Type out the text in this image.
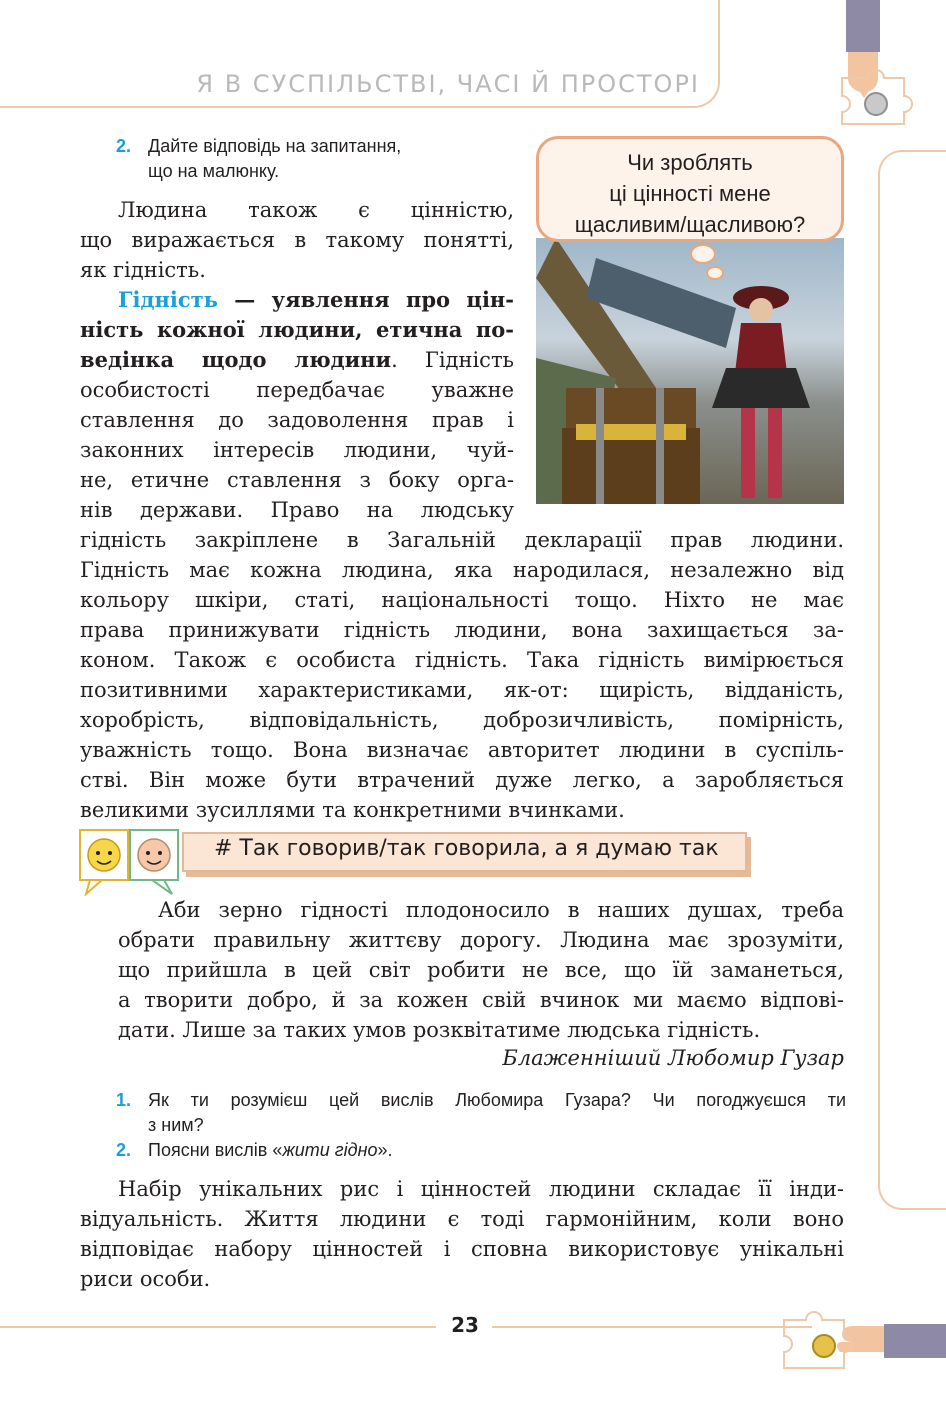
Я В СУСПІЛЬСТВІ, ЧАСІ Й ПРОСТОРІ
2. Дайте відповідь на запитання,
що на малюнку.	Чи зроблять
ці цінності мене
щасливим/щасливою?
Людина також є цінністю,
що виражається в такому понятті,
як гідність.
Гідність — уявлення про цін-
ність кожної людини, етична по-
ведінка щодо людини. Гідність
особистості передбачає уважне
ставлення до задоволення прав і
законних інтересів людини, чуй-
не, етичне ставлення з боку орга-
нів держави. Право на людську
гідність закріплене в Загальній декларації прав людини.
Гідність має кожна людина, яка народилася, незалежно від
кольору шкіри, статі, національності тощо. Ніхто не має
права принижувати гідність людини, вона захищається за-
коном. Також є особиста гідність. Така гідність вимірюється
позитивними характеристиками, як-от: щирість, відданість,
хоробрість, відповідальність, доброзичливість, помірність,
уважність тощо. Вона визначає авторитет людини в суспіль-
стві. Він може бути втрачений дуже легко, а заробляється
великими зусиллями та конкретними вчинками.
# Так говорив/так говорила, а я думаю так
Аби зерно гідності плодоносило в наших душах, треба
обрати правильну життєву дорогу. Людина має зрозуміти,
що прийшла в цей світ робити не все, що їй заманеться,
а творити добро, й за кожен свій вчинок ми маємо відпові-
дати. Лише за таких умов розквітатиме людська гідність.
Блаженніший Любомир Гузар
1. Як ти розумієш цей вислів Любомира Гузара? Чи погоджуєшся ти
з ним?
2. Поясни вислів «жити гідно».
Набір унікальних рис і цінностей людини складає її інди-
відуальність. Життя людини є тоді гармонійним, коли воно
відповідає набору цінностей і сповна використовує унікальні
риси особи.
23
